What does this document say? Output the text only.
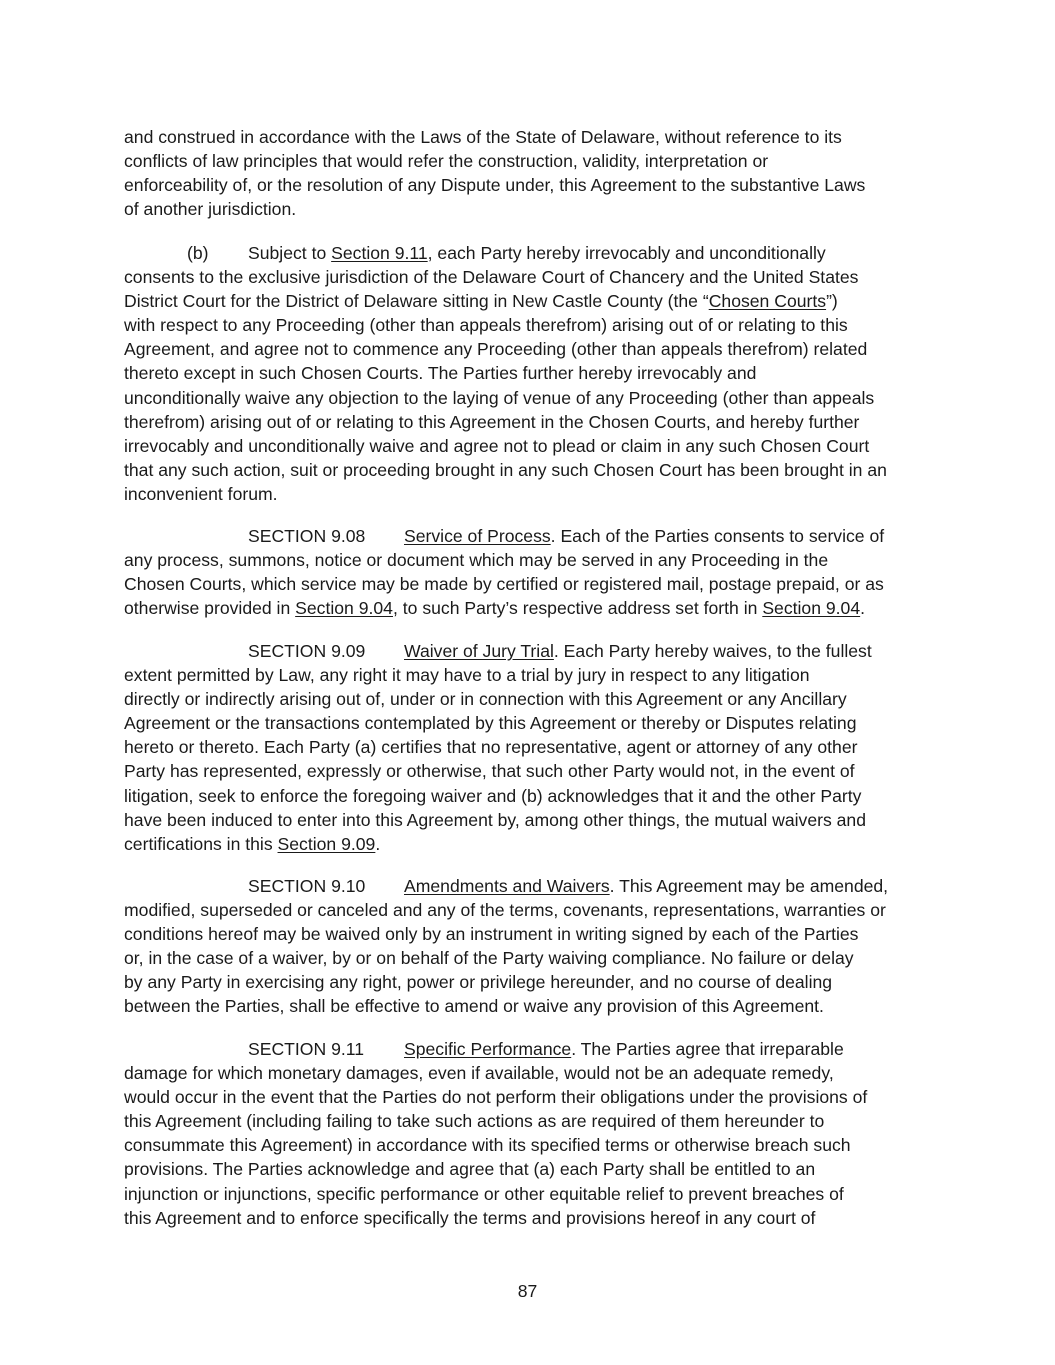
and construed in accordance with the Laws of the State of Delaware, without reference to its
conflicts of law principles that would refer the construction, validity, interpretation or
enforceability of, or the resolution of any Dispute under, this Agreement to the substantive Laws
of another jurisdiction.

(b) Subject to Section 9.11, each Party hereby irrevocably and unconditionally
consents to the exclusive jurisdiction of the Delaware Court of Chancery and the United States
District Court for the District of Delaware sitting in New Castle County (the “Chosen Courts”)
with respect to any Proceeding (other than appeals therefrom) arising out of or relating to this
Agreement, and agree not to commence any Proceeding (other than appeals therefrom) related
thereto except in such Chosen Courts. The Parties further hereby irrevocably and
unconditionally waive any objection to the laying of venue of any Proceeding (other than appeals
therefrom) arising out of or relating to this Agreement in the Chosen Courts, and hereby further
irrevocably and unconditionally waive and agree not to plead or claim in any such Chosen Court
that any such action, suit or proceeding brought in any such Chosen Court has been brought in an
inconvenient forum.

SECTION 9.08 Service of Process. Each of the Parties consents to service of
any process, summons, notice or document which may be served in any Proceeding in the
Chosen Courts, which service may be made by certified or registered mail, postage prepaid, or as
otherwise provided in Section 9.04, to such Party’s respective address set forth in Section 9.04.

SECTION 9.09 Waiver of Jury Trial. Each Party hereby waives, to the fullest
extent permitted by Law, any right it may have to a trial by jury in respect to any litigation
directly or indirectly arising out of, under or in connection with this Agreement or any Ancillary
Agreement or the transactions contemplated by this Agreement or thereby or Disputes relating
hereto or thereto. Each Party (a) certifies that no representative, agent or attorney of any other
Party has represented, expressly or otherwise, that such other Party would not, in the event of
litigation, seek to enforce the foregoing waiver and (b) acknowledges that it and the other Party
have been induced to enter into this Agreement by, among other things, the mutual waivers and
certifications in this Section 9.09.

SECTION 9.10 Amendments and Waivers. This Agreement may be amended,
modified, superseded or canceled and any of the terms, covenants, representations, warranties or
conditions hereof may be waived only by an instrument in writing signed by each of the Parties
or, in the case of a waiver, by or on behalf of the Party waiving compliance. No failure or delay
by any Party in exercising any right, power or privilege hereunder, and no course of dealing
between the Parties, shall be effective to amend or waive any provision of this Agreement.

SECTION 9.11 Specific Performance. The Parties agree that irreparable
damage for which monetary damages, even if available, would not be an adequate remedy,
would occur in the event that the Parties do not perform their obligations under the provisions of
this Agreement (including failing to take such actions as are required of them hereunder to
consummate this Agreement) in accordance with its specified terms or otherwise breach such
provisions. The Parties acknowledge and agree that (a) each Party shall be entitled to an
injunction or injunctions, specific performance or other equitable relief to prevent breaches of
this Agreement and to enforce specifically the terms and provisions hereof in any court of

87
